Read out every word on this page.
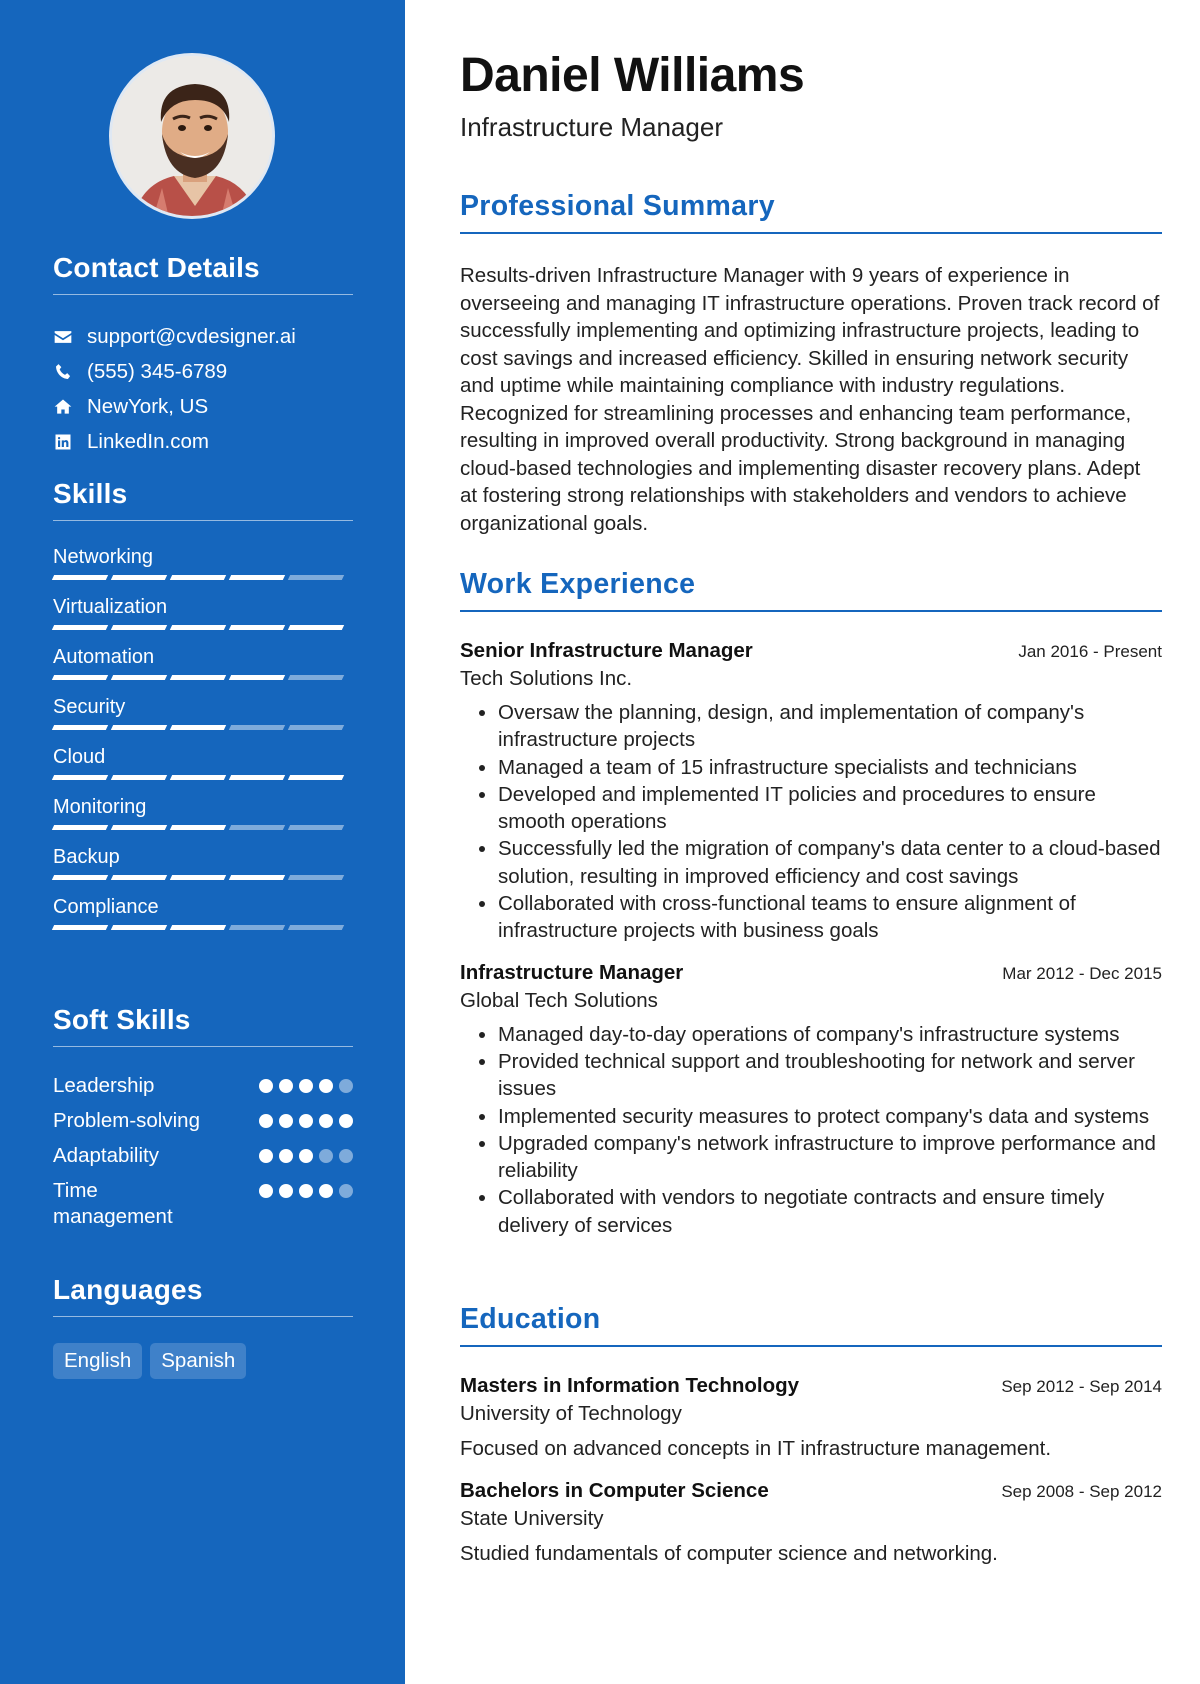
Contact Details
support@cvdesigner.ai
(555) 345-6789
NewYork, US
LinkedIn.com
Skills
Networking
Virtualization
Automation
Security
Cloud
Monitoring
Backup
Compliance
Soft Skills
Leadership
Problem-solving
Adaptability
Time management
Languages
English	Spanish
Daniel Williams
Infrastructure Manager
Professional Summary

Results-driven Infrastructure Manager with 9 years of experience in overseeing and managing IT infrastructure operations. Proven track record of successfully implementing and optimizing infrastructure projects, leading to cost savings and increased efficiency. Skilled in ensuring network security and uptime while maintaining compliance with industry regulations. Recognized for streamlining processes and enhancing team performance, resulting in improved overall productivity. Strong background in managing cloud-based technologies and implementing disaster recovery plans. Adept at fostering strong relationships with stakeholders and vendors to achieve organizational goals.

Work Experience
Senior Infrastructure Manager	Jan 2016 - Present
Tech Solutions Inc.
• Oversaw the planning, design, and implementation of company's infrastructure projects
• Managed a team of 15 infrastructure specialists and technicians
• Developed and implemented IT policies and procedures to ensure smooth operations
• Successfully led the migration of company's data center to a cloud-based solution, resulting in improved efficiency and cost savings
• Collaborated with cross-functional teams to ensure alignment of infrastructure projects with business goals
Infrastructure Manager	Mar 2012 - Dec 2015
Global Tech Solutions
• Managed day-to-day operations of company's infrastructure systems
• Provided technical support and troubleshooting for network and server issues
• Implemented security measures to protect company's data and systems
• Upgraded company's network infrastructure to improve performance and reliability
• Collaborated with vendors to negotiate contracts and ensure timely delivery of services
Education
Masters in Information Technology	Sep 2012 - Sep 2014
University of Technology
Focused on advanced concepts in IT infrastructure management.
Bachelors in Computer Science	Sep 2008 - Sep 2012
State University
Studied fundamentals of computer science and networking.
